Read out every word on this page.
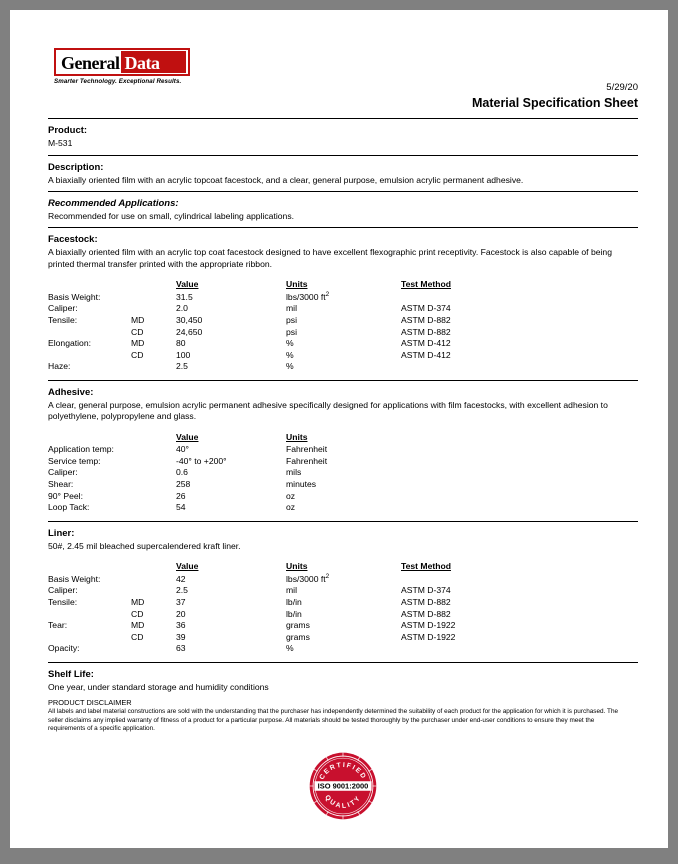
General Data
Smarter Technology. Exceptional Results.
5/29/20
Material Specification Sheet
Product:
M-531
Description:
A biaxially oriented film with an acrylic topcoat facestock, and a clear, general purpose, emulsion acrylic permanent adhesive.
Recommended Applications:
Recommended for use on small, cylindrical labeling applications.
Facestock:
A biaxially oriented film with an acrylic top coat facestock designed to have excellent flexographic print receptivity. Facestock is also capable of being printed thermal transfer printed with the appropriate ribbon.
		Value	Units	Test Method
Basis Weight:		31.5	lbs/3000 $ft^2$	
Caliper:		2.0	mil	ASTM D-374
Tensile:	MD	30,450	psi	ASTM D-882
	CD	24,650	psi	ASTM D-882
Elongation:	MD	80	%	ASTM D-412
	CD	100	%	ASTM D-412
Haze:		2.5	%	
Adhesive:
A clear, general purpose, emulsion acrylic permanent adhesive specifically designed for applications with film facestocks, with excellent adhesion to polyethylene, polypropylene and glass.
		Value	Units	
Application temp:		40°	Fahrenheit	
Service temp:		-40° to +200°	Fahrenheit	
Caliper:		0.6	mils	
Shear:		258	minutes	
90° Peel:		26	oz	
Loop Tack:		54	oz	
Liner:
50#, 2.45 mil bleached supercalendered kraft liner.
		Value	Units	Test Method
Basis Weight:		42	lbs/3000 $ft^2$	
Caliper:		2.5	mil	ASTM D-374
Tensile:	MD	37	lb/in	ASTM D-882
	CD	20	lb/in	ASTM D-882
Tear:	MD	36	grams	ASTM D-1922
	CD	39	grams	ASTM D-1922
Opacity:		63	%	
Shelf Life:
One year, under standard storage and humidity conditions
PRODUCT DISCLAIMER
All labels and label material constructions are sold with the understanding that the purchaser has independently determined the suitability of each product for the application for which it is purchased. The seller disclaims any implied warranty of fitness of a product for a particular purpose. All materials should be tested thoroughly by the purchaser under end-user conditions to ensure they meet the requirements of a specific application.
ISO 9001:2000
CERTIFIED
QUALITY
